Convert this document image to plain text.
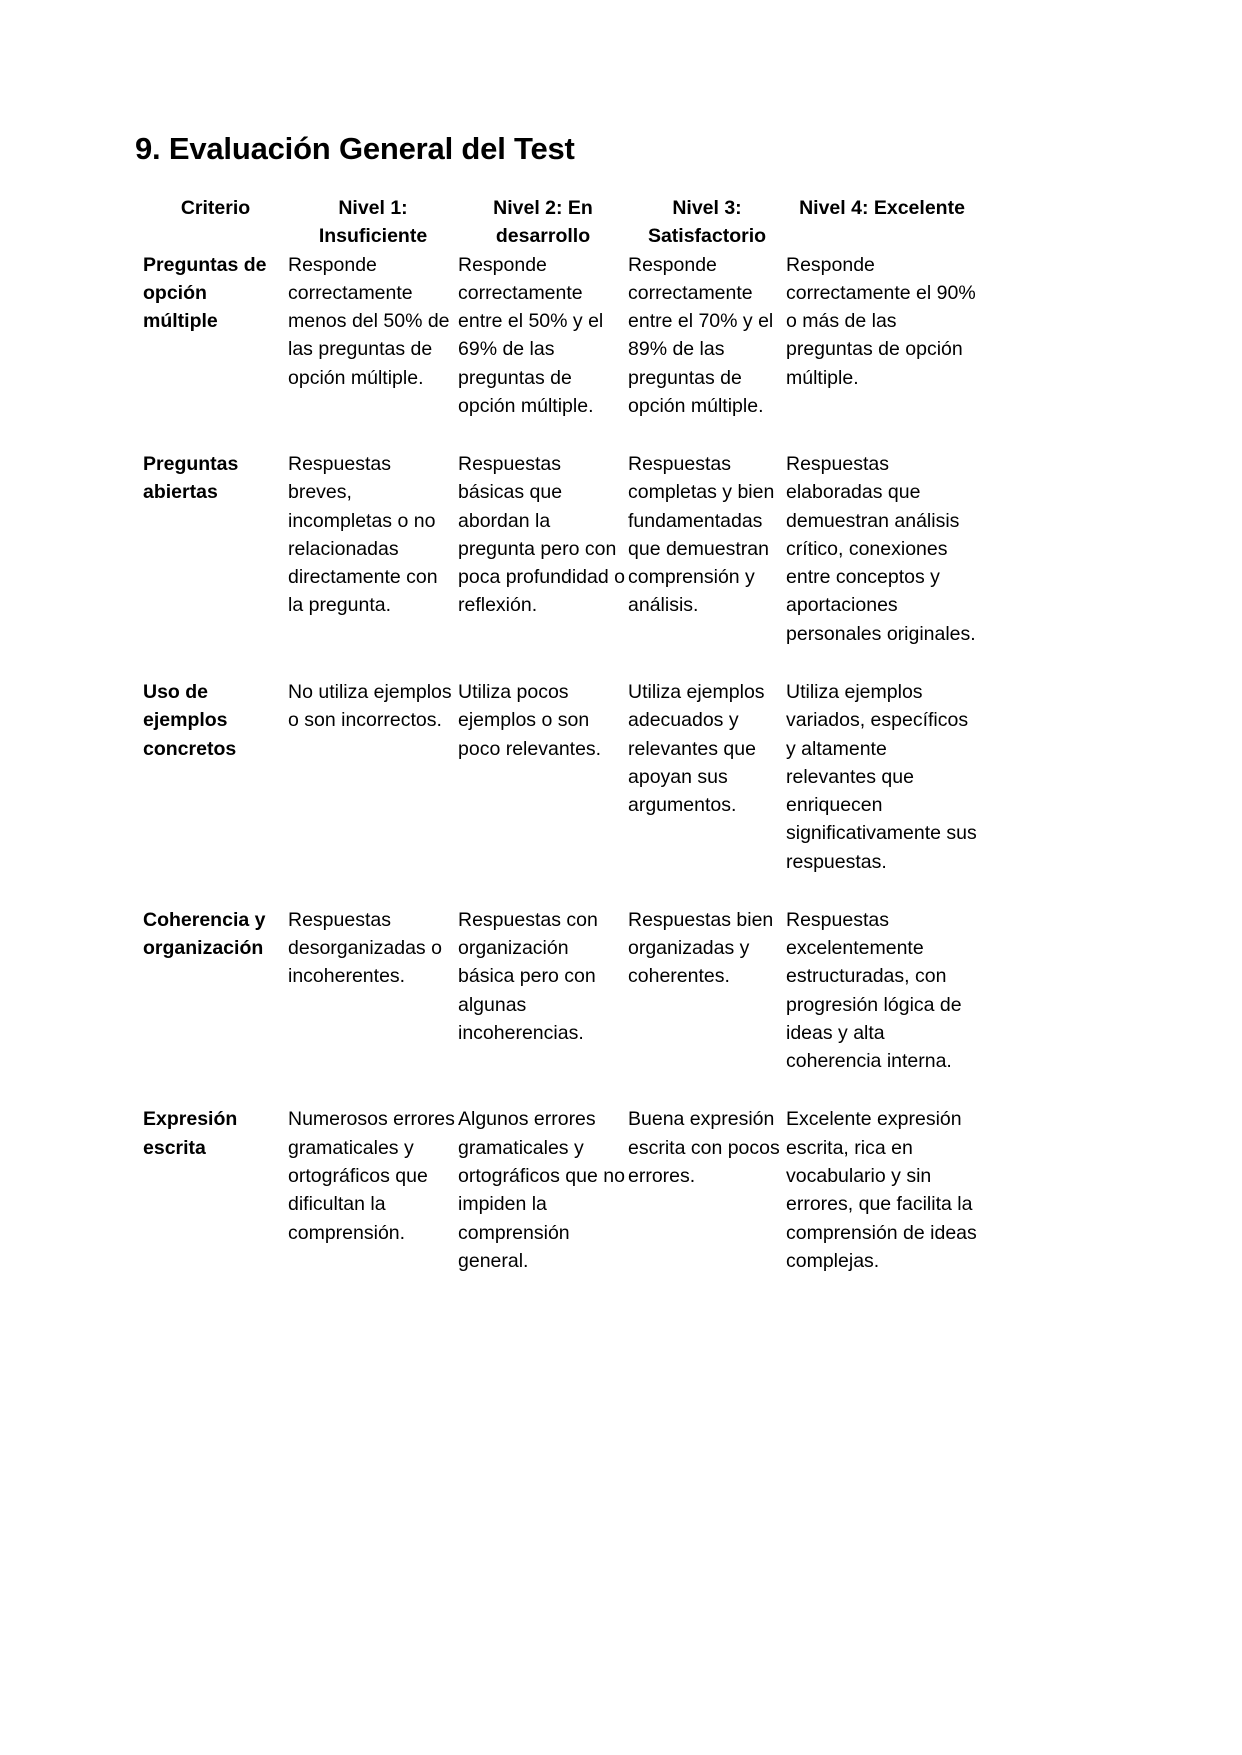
9. Evaluación General del Test
Criterio	Nivel 1: Insuficiente	Nivel 2: En desarrollo	Nivel 3: Satisfactorio	Nivel 4: Excelente
Preguntas de opción múltiple	Responde correctamente menos del 50% de las preguntas de opción múltiple.	Responde correctamente entre el 50% y el 69% de las preguntas de opción múltiple.	Responde correctamente entre el 70% y el 89% de las preguntas de opción múltiple.	Responde correctamente el 90% o más de las preguntas de opción múltiple.
Preguntas abiertas	Respuestas breves, incompletas o no relacionadas directamente con la pregunta.	Respuestas básicas que abordan la pregunta pero con poca profundidad o reflexión.	Respuestas completas y bien fundamentadas que demuestran comprensión y análisis.	Respuestas elaboradas que demuestran análisis crítico, conexiones entre conceptos y aportaciones personales originales.
Uso de ejemplos concretos	No utiliza ejemplos o son incorrectos.	Utiliza pocos ejemplos o son poco relevantes.	Utiliza ejemplos adecuados y relevantes que apoyan sus argumentos.	Utiliza ejemplos variados, específicos y altamente relevantes que enriquecen significativamente sus respuestas.
Coherencia y organización	Respuestas desorganizadas o incoherentes.	Respuestas con organización básica pero con algunas incoherencias.	Respuestas bien organizadas y coherentes.	Respuestas excelentemente estructuradas, con progresión lógica de ideas y alta coherencia interna.
Expresión escrita	Numerosos errores gramaticales y ortográficos que dificultan la comprensión.	Algunos errores gramaticales y ortográficos que no impiden la comprensión general.	Buena expresión escrita con pocos errores.	Excelente expresión escrita, rica en vocabulario y sin errores, que facilita la comprensión de ideas complejas.
